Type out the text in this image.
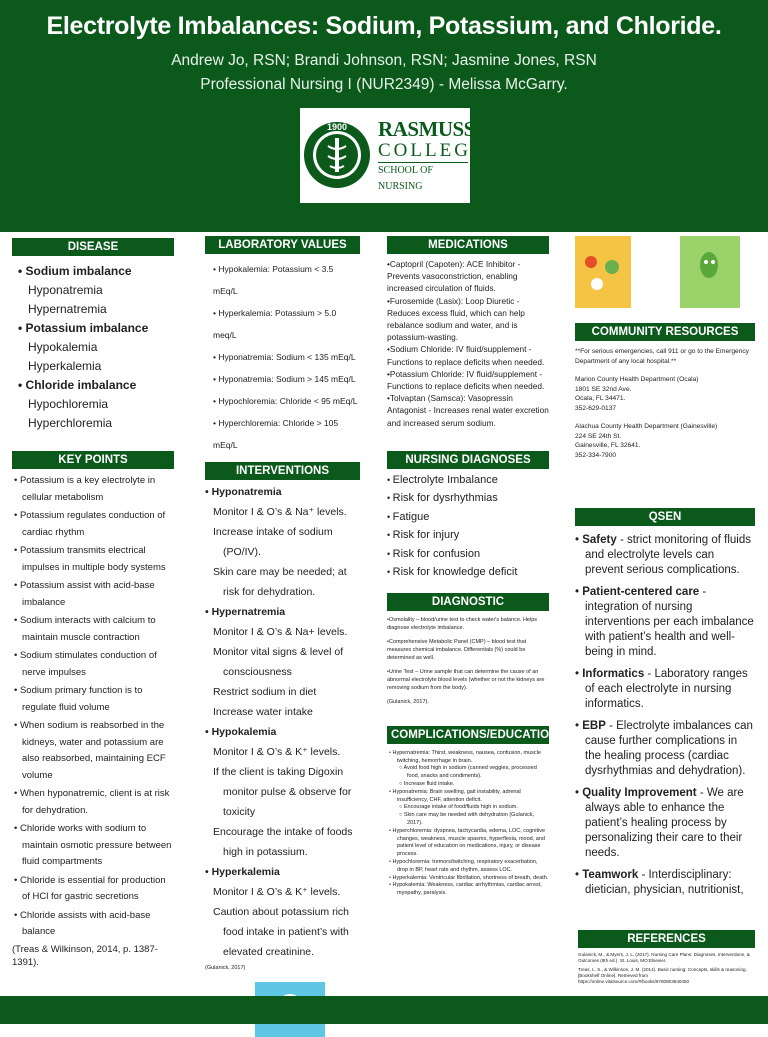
Electrolyte Imbalances: Sodium, Potassium, and Chloride.
Andrew Jo, RSN; Brandi Johnson, RSN; Jasmine Jones, RSN
Professional Nursing I (NUR2349) - Melissa McGarry.
1900 RASMUSSEN
COLLEGE
SCHOOL OF NURSING
DISEASE
• Sodium imbalance
Hyponatremia
Hypernatremia
• Potassium imbalance
Hypokalemia
Hyperkalemia
• Chloride imbalance
Hypochloremia
Hyperchloremia
KEY POINTS
• Potassium is a key electrolyte in cellular metabolism
• Potassium regulates conduction of cardiac rhythm
• Potassium transmits electrical impulses in multiple body systems
• Potassium assist with acid-base imbalance
• Sodium interacts with calcium to maintain muscle contraction
• Sodium stimulates conduction of nerve impulses
• Sodium primary function is to regulate fluid volume
• When sodium is reabsorbed in the kidneys, water and potassium are also reabsorbed, maintaining ECF volume
• When hyponatremic, client is at risk for dehydration.
• Chloride works with sodium to maintain osmotic pressure between fluid compartments
• Chloride is essential for production of HCl for gastric secretions
• Chloride assists with acid-base balance
(Treas & Wilkinson, 2014, p. 1387-1391).
LABORATORY VALUES
• Hypokalemia: Potassium < 3.5 mEq/L
• Hyperkalemia: Potassium > 5.0 meq/L
• Hyponatremia: Sodium < 135 mEq/L
• Hyponatremia: Sodium > 145 mEq/L
• Hypochloremia: Chloride < 95 mEq/L
• Hyperchloremia: Chloride > 105 mEq/L
INTERVENTIONS
• Hyponatremia
Monitor I & O’s & Na⁺ levels.
Increase intake of sodium (PO/IV).
Skin care may be needed; at risk for dehydration.
• Hypernatremia
Monitor I & O’s & Na+ levels.
Monitor vital signs & level of consciousness
Restrict sodium in diet
Increase water intake
• Hypokalemia
Monitor I & O’s & K⁺ levels.
If the client is taking Digoxin monitor pulse & observe for toxicity
Encourage the intake of foods high in potassium.
• Hyperkalemia
Monitor I & O’s & K⁺ levels.
Caution about potassium rich food intake in patient’s with elevated creatinine.
(Gulanick, 2017)
MEDICATIONS
•Captopril (Capoten): ACE Inhibitor - Prevents vasoconstriction, enabling increased circulation of fluids.
•Furosemide (Lasix): Loop Diuretic - Reduces excess fluid, which can help rebalance sodium and water, and is potassium-wasting.
•Sodium Chloride: IV fluid/supplement - Functions to replace deficits when needed.
•Potassium Chloride: IV fluid/supplement - Functions to replace deficits when needed.
•Tolvaptan (Samsca): Vasopressin Antagonist - Increases renal water excretion and increased serum sodium.
NURSING DIAGNOSES
• Electrolyte Imbalance
• Risk for dysrhythmias
• Fatigue
• Risk for injury
• Risk for confusion
• Risk for knowledge deficit
DIAGNOSTIC

•Osmolality – blood/urine test to check water's balance. Helps diagnose electrolyte imbalance.

•Comprehensive Metabolic Panel (CMP) – blood test that measures chemical imbalance. Differentials (%) could be determined as well.

•Urine Test – Urine sample that can determine the cause of an abnormal electrolyte blood levels (whether or not the kidneys are removing sodium from the body).

(Gulanick, 2017).

COMPLICATIONS/EDUCATIO
• Hypernatremia: Thirst, weakness, nausea, confusion, muscle twitching, hemorrhage in brain.
○ Avoid food high in sodium (canned veggies, processed food, snacks and condiments).
○ Increase fluid intake.
• Hyponatremia: Brain swelling, gait instability, adrenal insufficiency, CHF, attention deficit.
○ Encourage intake of food/fluids high in sodium.
○ Skin care may be needed with dehydration (Gulanick, 2017).
• Hyperchloremia: dyspnea, tachycardia, edema, LOC, cognitive changes, weakness, muscle spasms, hyperflexia, mood, and patient level of education on medications, injury, or disease process.
• Hypochloremia: tremors/twitching, respiratory exacerbation, drop in BP, heart rate and rhythm, assess LOC.
• Hyperkalemia: Ventricular fibrillation, shortness of breath, death.
• Hypokalemia: Weakness, cardiac arrhythmias, cardiac arrest, myopathy, paralysis.
COMMUNITY RESOURCES
**For serious emergencies, call 911 or go to the Emergency Department of any local hospital.**
Marion County Health Department (Ocala)
1801 SE 32nd Ave.
Ocala, FL 34471.
352-629-0137
Alachua County Health Department (Gainesville)
224 SE 24th St.
Gainesville, FL 32641.
352-334-7900
QSEN
• Safety - strict monitoring of fluids and electrolyte levels can prevent serious complications.
• Patient-centered care - integration of nursing interventions per each imbalance with patient’s health and well-being in mind.
• Informatics - Laboratory ranges of each electrolyte in nursing informatics.
• EBP - Electrolyte imbalances can cause further complications in the healing process (cardiac dysrhythmias and dehydration).
• Quality Improvement - We are always able to enhance the patient’s healing process by personalizing their care to their needs.
• Teamwork - Interdisciplinary: dietician, physician, nutritionist,
REFERENCES
Gulanick, M., & Myers, J. L. (2017). Nursing Care Plans: Diagnoses, Interventions, & Outcomes (9th ed.). St. Louis, MO:Elsevier.
Treas, L. S., & Wilkinson, J. M. (2014). Basic nursing: Concepts, skills & reasoning. [Bookshelf Online]. Retrieved from https://online.vitalsource.com/#/books/9780803640450
